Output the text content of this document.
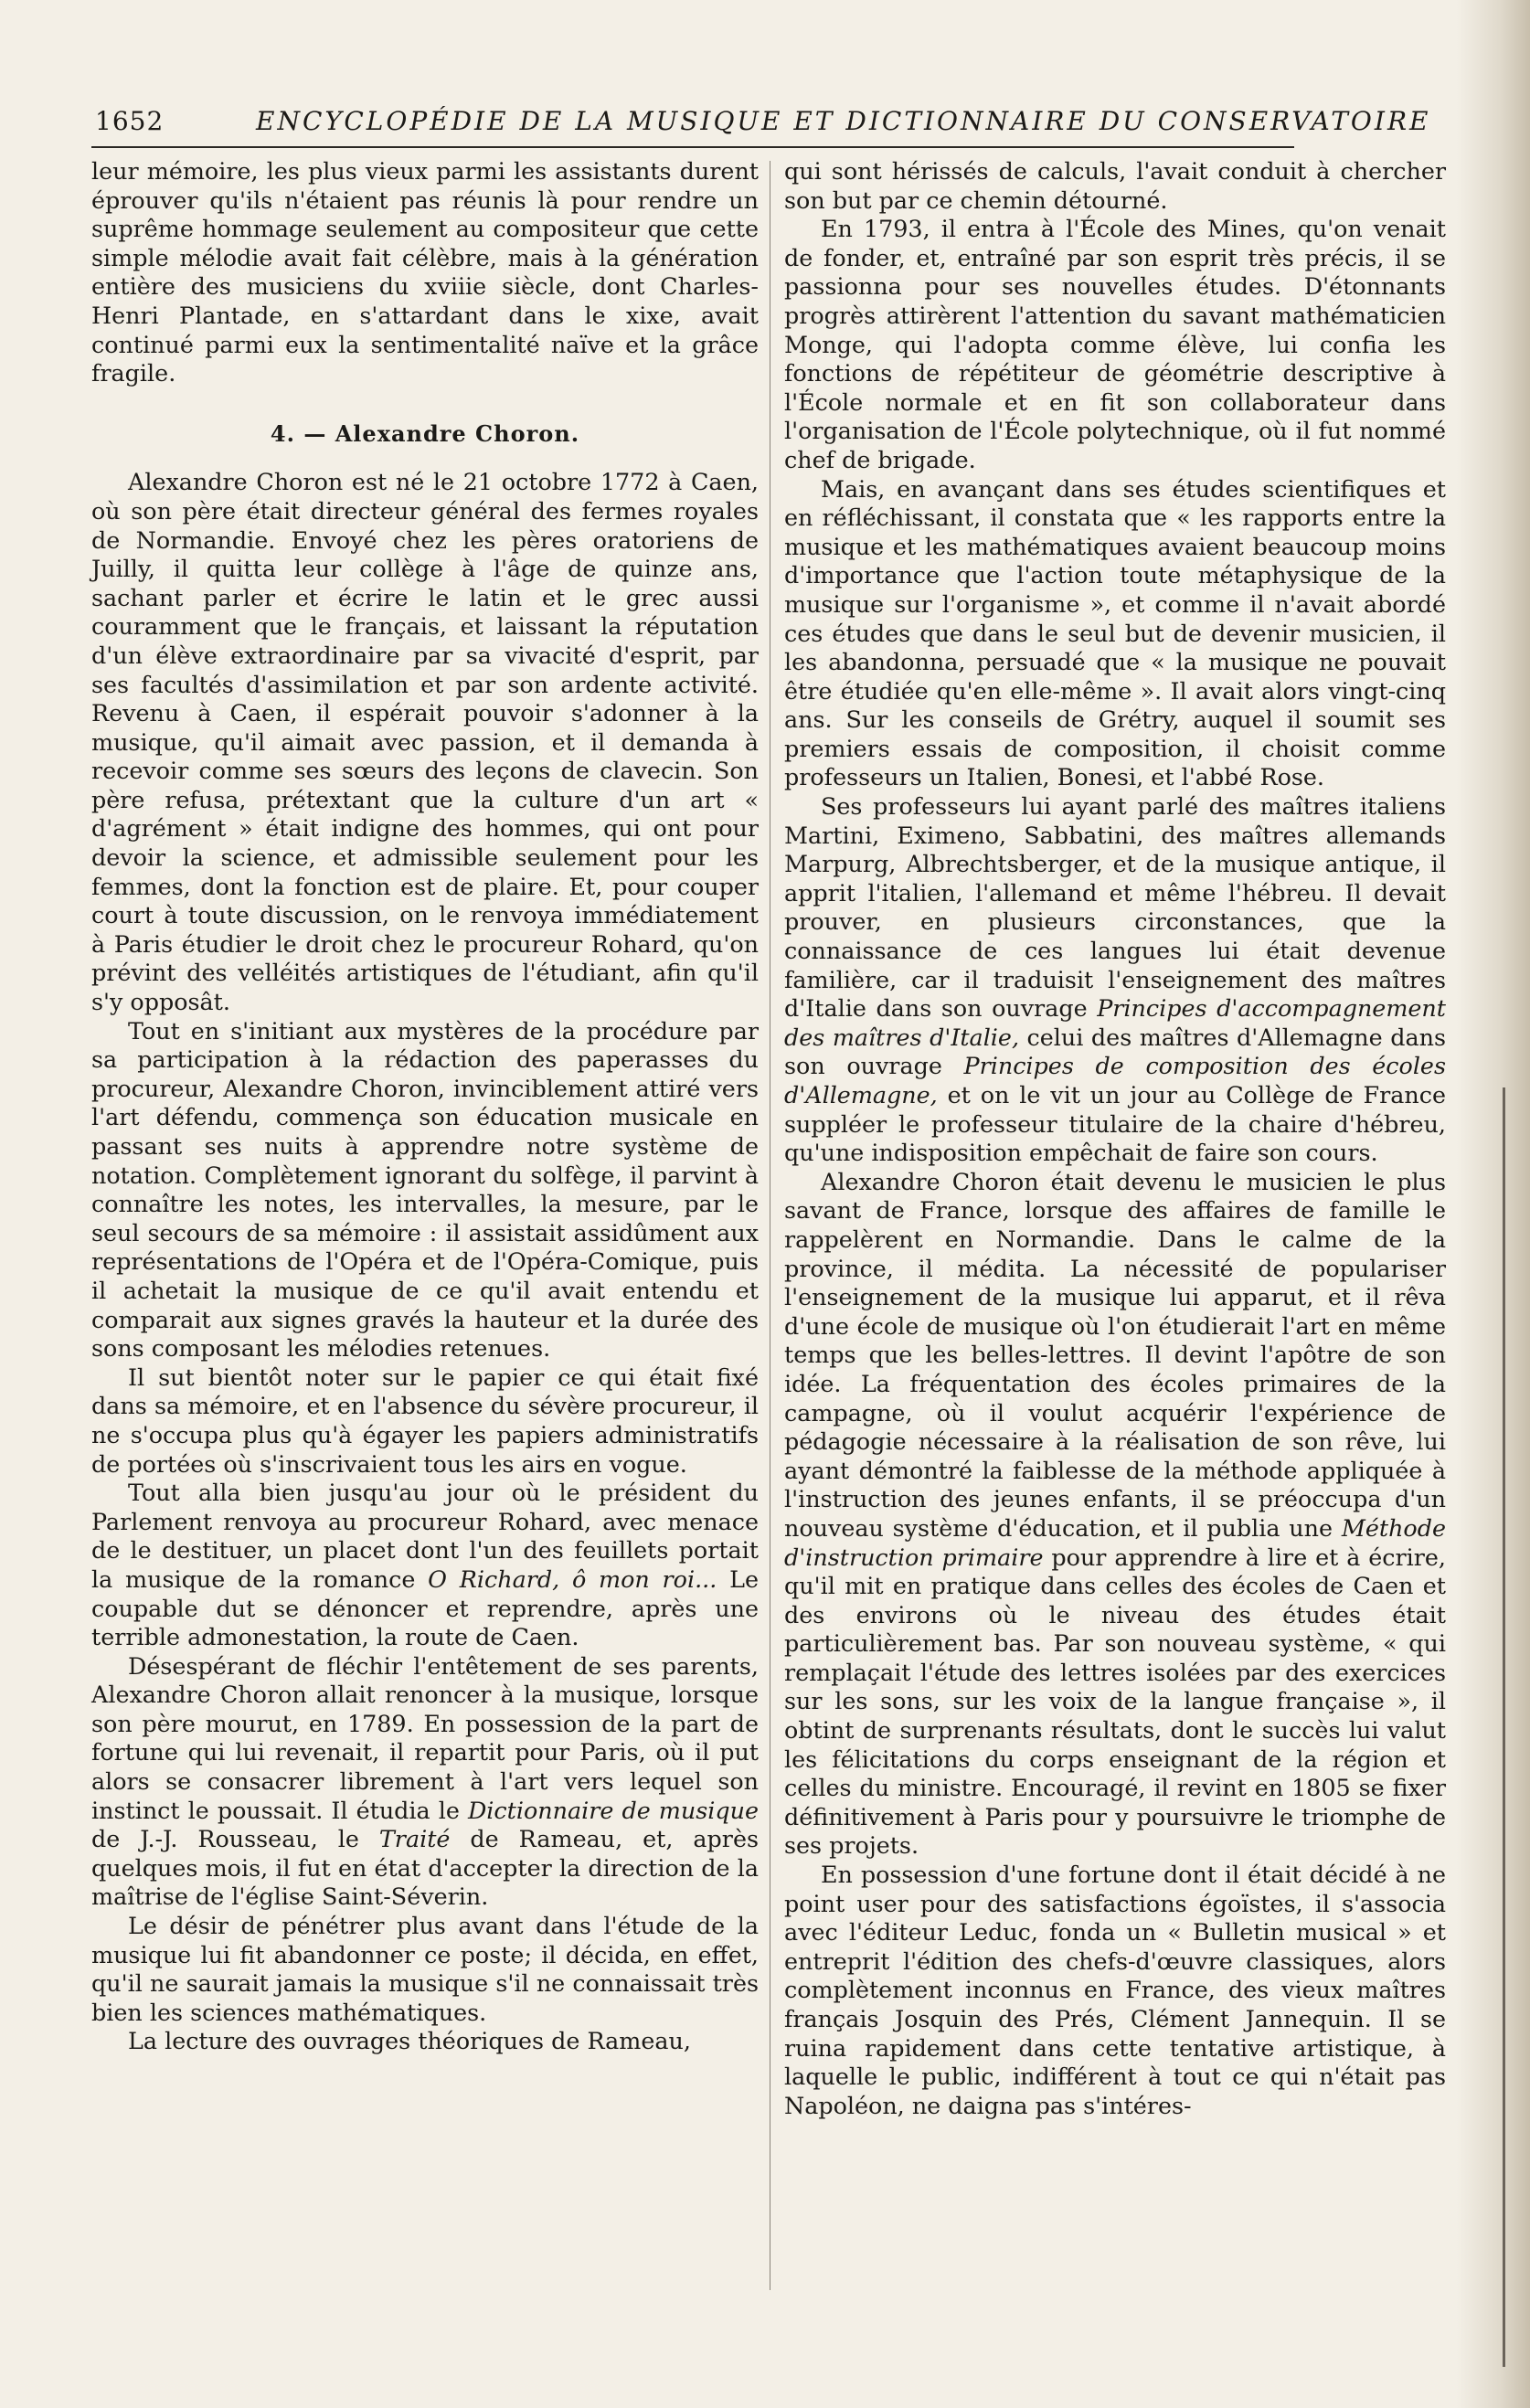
1652	ENCYCLOPÉDIE DE LA MUSIQUE ET DICTIONNAIRE DU CONSERVATOIRE

leur mémoire, les plus vieux parmi les assistants durent éprouver qu'ils n'étaient pas réunis là pour rendre un suprême hommage seulement au compositeur que cette simple mélodie avait fait célèbre, mais à la génération entière des musiciens du xviiie siècle, dont Charles-Henri Plantade, en s'attardant dans le xixe, avait continué parmi eux la sentimentalité naïve et la grâce fragile.

4. — Alexandre Choron.

Alexandre Choron est né le 21 octobre 1772 à Caen, où son père était directeur général des fermes royales de Normandie. Envoyé chez les pères oratoriens de Juilly, il quitta leur collège à l'âge de quinze ans, sachant parler et écrire le latin et le grec aussi couramment que le français, et laissant la réputation d'un élève extraordinaire par sa vivacité d'esprit, par ses facultés d'assimilation et par son ardente activité. Revenu à Caen, il espérait pouvoir s'adonner à la musique, qu'il aimait avec passion, et il demanda à recevoir comme ses sœurs des leçons de clavecin. Son père refusa, prétextant que la culture d'un art « d'agrément » était indigne des hommes, qui ont pour devoir la science, et admissible seulement pour les femmes, dont la fonction est de plaire. Et, pour couper court à toute discussion, on le renvoya immédiatement à Paris étudier le droit chez le procureur Rohard, qu'on prévint des velléités artistiques de l'étudiant, afin qu'il s'y opposât.

Tout en s'initiant aux mystères de la procédure par sa participation à la rédaction des paperasses du procureur, Alexandre Choron, invinciblement attiré vers l'art défendu, commença son éducation musicale en passant ses nuits à apprendre notre système de notation. Complètement ignorant du solfège, il parvint à connaître les notes, les intervalles, la mesure, par le seul secours de sa mémoire : il assistait assidûment aux représentations de l'Opéra et de l'Opéra-Comique, puis il achetait la musique de ce qu'il avait entendu et comparait aux signes gravés la hauteur et la durée des sons composant les mélodies retenues.

Il sut bientôt noter sur le papier ce qui était fixé dans sa mémoire, et en l'absence du sévère procureur, il ne s'occupa plus qu'à égayer les papiers administratifs de portées où s'inscrivaient tous les airs en vogue.

Tout alla bien jusqu'au jour où le président du Parlement renvoya au procureur Rohard, avec menace de le destituer, un placet dont l'un des feuillets portait la musique de la romance O Richard, ô mon roi... Le coupable dut se dénoncer et reprendre, après une terrible admonestation, la route de Caen.

Désespérant de fléchir l'entêtement de ses parents, Alexandre Choron allait renoncer à la musique, lorsque son père mourut, en 1789. En possession de la part de fortune qui lui revenait, il repartit pour Paris, où il put alors se consacrer librement à l'art vers lequel son instinct le poussait. Il étudia le Dictionnaire de musique de J.-J. Rousseau, le Traité de Rameau, et, après quelques mois, il fut en état d'accepter la direction de la maîtrise de l'église Saint-Séverin.

Le désir de pénétrer plus avant dans l'étude de la musique lui fit abandonner ce poste; il décida, en effet, qu'il ne saurait jamais la musique s'il ne connaissait très bien les sciences mathématiques.

La lecture des ouvrages théoriques de Rameau,

qui sont hérissés de calculs, l'avait conduit à chercher son but par ce chemin détourné.

En 1793, il entra à l'École des Mines, qu'on venait de fonder, et, entraîné par son esprit très précis, il se passionna pour ses nouvelles études. D'étonnants progrès attirèrent l'attention du savant mathématicien Monge, qui l'adopta comme élève, lui confia les fonctions de répétiteur de géométrie descriptive à l'École normale et en fit son collaborateur dans l'organisation de l'École polytechnique, où il fut nommé chef de brigade.

Mais, en avançant dans ses études scientifiques et en réfléchissant, il constata que « les rapports entre la musique et les mathématiques avaient beaucoup moins d'importance que l'action toute métaphysique de la musique sur l'organisme », et comme il n'avait abordé ces études que dans le seul but de devenir musicien, il les abandonna, persuadé que « la musique ne pouvait être étudiée qu'en elle-même ». Il avait alors vingt-cinq ans. Sur les conseils de Grétry, auquel il soumit ses premiers essais de composition, il choisit comme professeurs un Italien, Bonesi, et l'abbé Rose.

Ses professeurs lui ayant parlé des maîtres italiens Martini, Eximeno, Sabbatini, des maîtres allemands Marpurg, Albrechtsberger, et de la musique antique, il apprit l'italien, l'allemand et même l'hébreu. Il devait prouver, en plusieurs circonstances, que la connaissance de ces langues lui était devenue familière, car il traduisit l'enseignement des maîtres d'Italie dans son ouvrage Principes d'accompagnement des maîtres d'Italie, celui des maîtres d'Allemagne dans son ouvrage Principes de composition des écoles d'Allemagne, et on le vit un jour au Collège de France suppléer le professeur titulaire de la chaire d'hébreu, qu'une indisposition empêchait de faire son cours.

Alexandre Choron était devenu le musicien le plus savant de France, lorsque des affaires de famille le rappelèrent en Normandie. Dans le calme de la province, il médita. La nécessité de populariser l'enseignement de la musique lui apparut, et il rêva d'une école de musique où l'on étudierait l'art en même temps que les belles-lettres. Il devint l'apôtre de son idée. La fréquentation des écoles primaires de la campagne, où il voulut acquérir l'expérience de pédagogie nécessaire à la réalisation de son rêve, lui ayant démontré la faiblesse de la méthode appliquée à l'instruction des jeunes enfants, il se préoccupa d'un nouveau système d'éducation, et il publia une Méthode d'instruction primaire pour apprendre à lire et à écrire, qu'il mit en pratique dans celles des écoles de Caen et des environs où le niveau des études était particulièrement bas. Par son nouveau système, « qui remplaçait l'étude des lettres isolées par des exercices sur les sons, sur les voix de la langue française », il obtint de surprenants résultats, dont le succès lui valut les félicitations du corps enseignant de la région et celles du ministre. Encouragé, il revint en 1805 se fixer définitivement à Paris pour y poursuivre le triomphe de ses projets.

En possession d'une fortune dont il était décidé à ne point user pour des satisfactions égoïstes, il s'associa avec l'éditeur Leduc, fonda un « Bulletin musical » et entreprit l'édition des chefs-d'œuvre classiques, alors complètement inconnus en France, des vieux maîtres français Josquin des Prés, Clément Jannequin. Il se ruina rapidement dans cette tentative artistique, à laquelle le public, indifférent à tout ce qui n'était pas Napoléon, ne daigna pas s'intéres-
